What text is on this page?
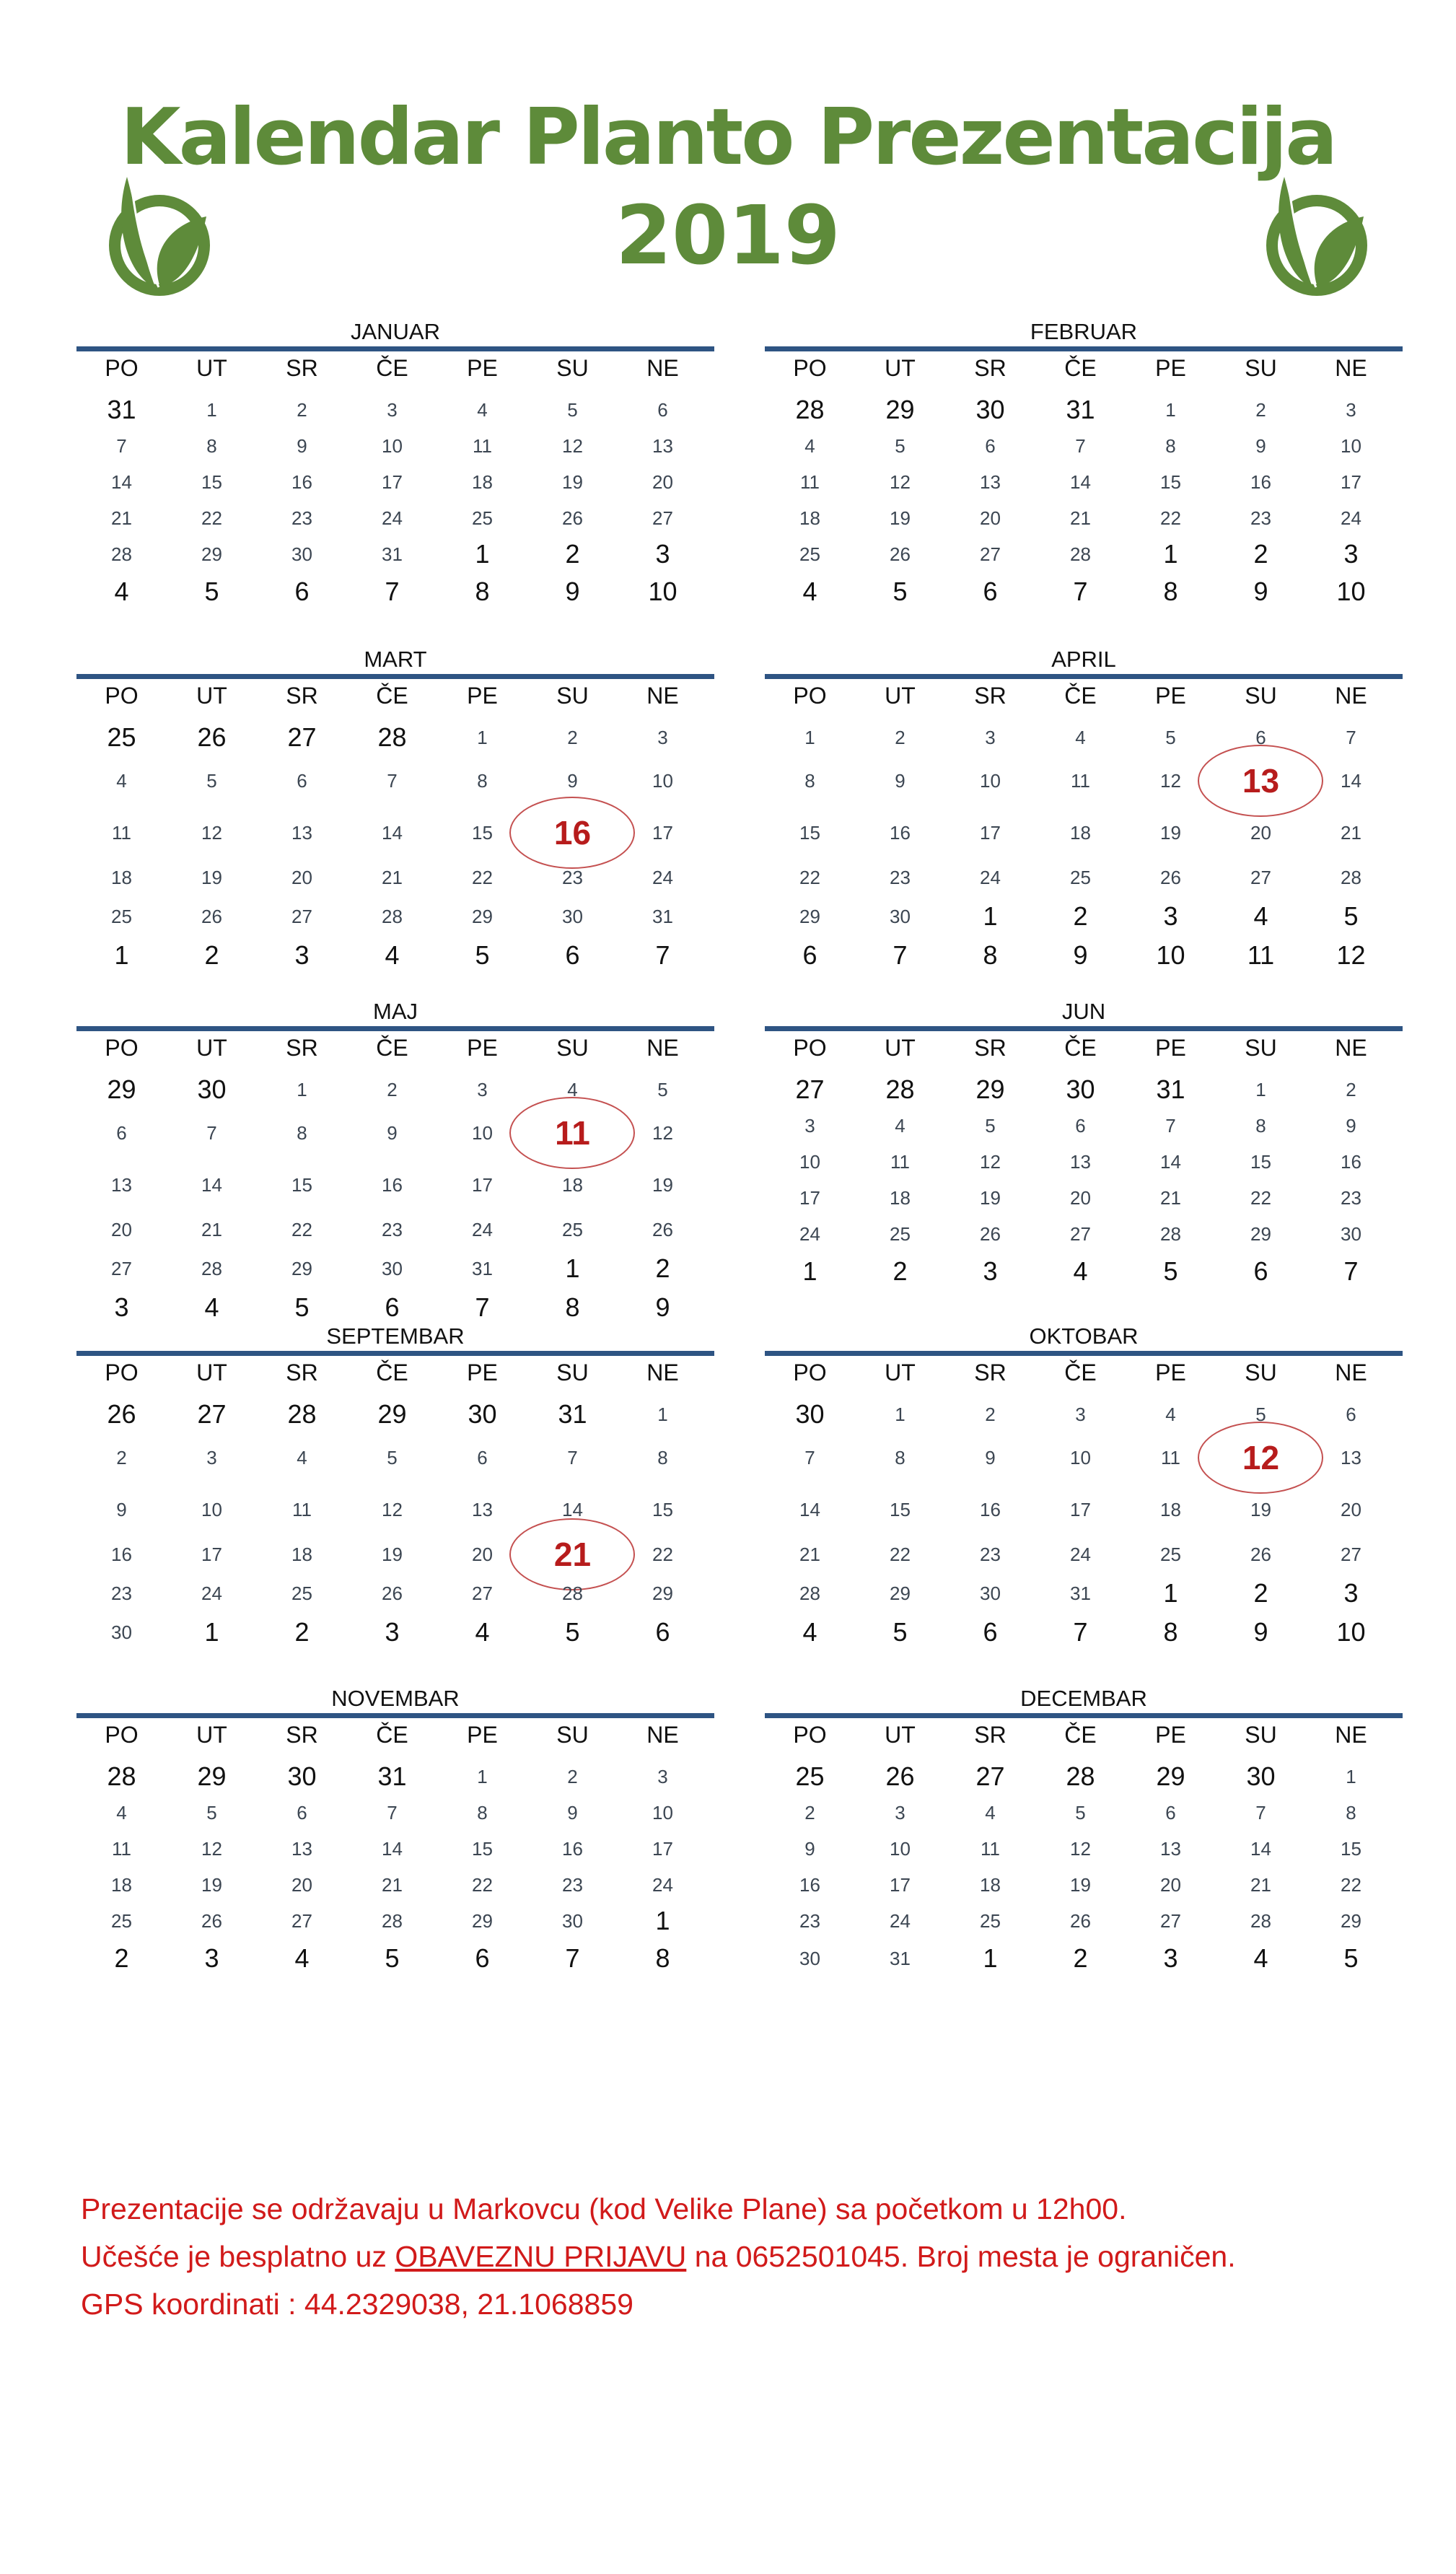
Kalendar Planto Prezentacija
2019
JANUAR
PO	UT	SR	ČE	PE	SU	NE
31	1	2	3	4	5	6
7	8	9	10	11	12	13
14	15	16	17	18	19	20
21	22	23	24	25	26	27
28	29	30	31	1	2	3
4	5	6	7	8	9	10
FEBRUAR
PO	UT	SR	ČE	PE	SU	NE
28	29	30	31	1	2	3
4	5	6	7	8	9	10
11	12	13	14	15	16	17
18	19	20	21	22	23	24
25	26	27	28	1	2	3
4	5	6	7	8	9	10
MART
PO	UT	SR	ČE	PE	SU	NE
25	26	27	28	1	2	3
4	5	6	7	8	9	10
11	12	13	14	15	16	17
18	19	20	21	22	23	24
25	26	27	28	29	30	31
1	2	3	4	5	6	7
APRIL
PO	UT	SR	ČE	PE	SU	NE
1	2	3	4	5	6	7
8	9	10	11	12	13	14
15	16	17	18	19	20	21
22	23	24	25	26	27	28
29	30	1	2	3	4	5
6	7	8	9	10	11	12
MAJ
PO	UT	SR	ČE	PE	SU	NE
29	30	1	2	3	4	5
6	7	8	9	10	11	12
13	14	15	16	17	18	19
20	21	22	23	24	25	26
27	28	29	30	31	1	2
3	4	5	6	7	8	9
JUN
PO	UT	SR	ČE	PE	SU	NE
27	28	29	30	31	1	2
3	4	5	6	7	8	9
10	11	12	13	14	15	16
17	18	19	20	21	22	23
24	25	26	27	28	29	30
1	2	3	4	5	6	7
SEPTEMBAR
PO	UT	SR	ČE	PE	SU	NE
26	27	28	29	30	31	1
2	3	4	5	6	7	8
9	10	11	12	13	14	15
16	17	18	19	20	21	22
23	24	25	26	27	28	29
30	1	2	3	4	5	6
OKTOBAR
PO	UT	SR	ČE	PE	SU	NE
30	1	2	3	4	5	6
7	8	9	10	11	12	13
14	15	16	17	18	19	20
21	22	23	24	25	26	27
28	29	30	31	1	2	3
4	5	6	7	8	9	10
NOVEMBAR
PO	UT	SR	ČE	PE	SU	NE
28	29	30	31	1	2	3
4	5	6	7	8	9	10
11	12	13	14	15	16	17
18	19	20	21	22	23	24
25	26	27	28	29	30	1
2	3	4	5	6	7	8
DECEMBAR
PO	UT	SR	ČE	PE	SU	NE
25	26	27	28	29	30	1
2	3	4	5	6	7	8
9	10	11	12	13	14	15
16	17	18	19	20	21	22
23	24	25	26	27	28	29
30	31	1	2	3	4	5
Prezentacije se održavaju u Markovcu (kod Velike Plane) sa početkom u 12h00.
Učešće je besplatno uz OBAVEZNU PRIJAVU na 0652501045. Broj mesta je ograničen.
GPS koordinati : 44.2329038, 21.1068859
